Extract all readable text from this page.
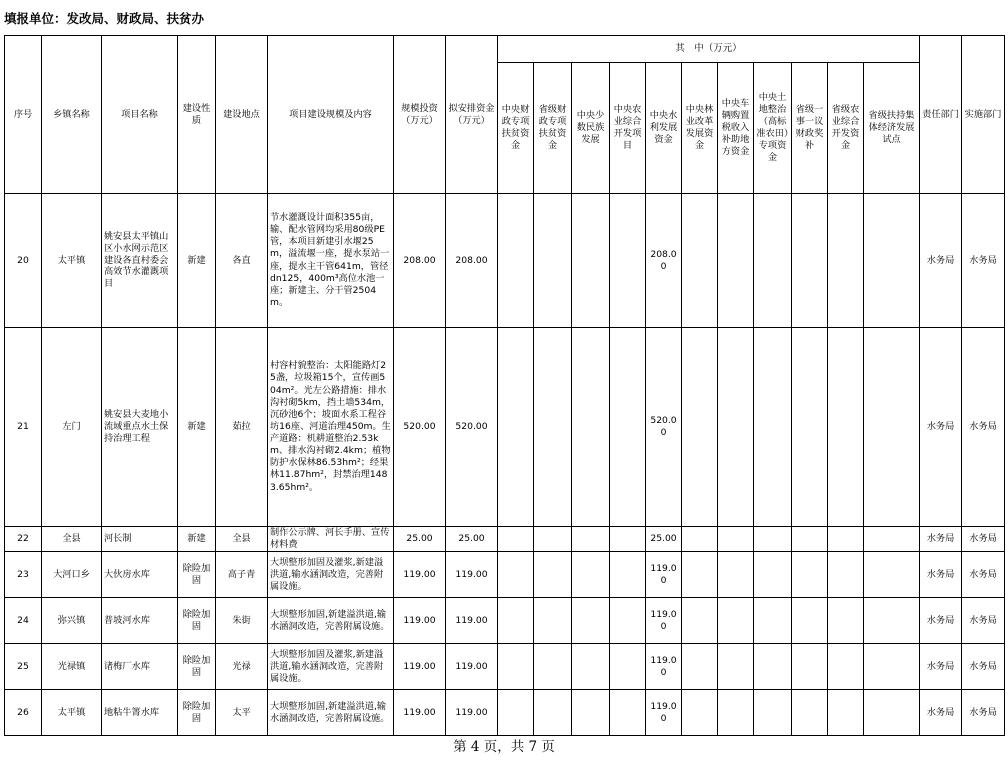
填报单位：发改局、财政局、扶贫办
序号	乡镇名称	项目名称	建设性质	建设地点	项目建设规模及内容	规模投资（万元）	拟安排资金（万元）	其　中（万元）											责任部门	实施部门
								中央财政专项扶贫资金	省级财政专项扶贫资金	中央少数民族发展	中央农业综合开发项目	中央水利发展资金	中央林业改革发展资金	中央车辆购置税收入补助地方资金	中央土地整治（高标准农田）专项资金	省级一事一议财政奖补	省级农业综合开发资金	省级扶持集体经济发展试点		
20	太平镇	姚安县太平镇山区小水网示范区建设各直村委会高效节水灌溉项目	新建	各直	节水灌溉设计面积355亩，输、配水管网均采用80级PE管，本项目新建引水堰25m，溢流堰一座，提水泵站一座，提水主干管641m，管径dn125，400m³高位水池一座；新建主、分干管2504m。	208.00	208.00					208.00							水务局	水务局
21	左门	姚安县大麦地小流域重点水土保持治理工程	新建	茹拉	村容村貌整治：太阳能路灯25盏，垃圾箱15个，宣传画504m²。光左公路措施：排水沟衬砌5km，挡土墙534m，沉砂池6个；坡面水系工程谷坊16座、河道治理450m。生产道路：机耕道整治2.53km、排水沟衬砌2.4km；植物防护水保林86.53hm²；经果林11.87hm²，封禁治理1483.65hm²。	520.00	520.00					520.00							水务局	水务局
22	全县	河长制	新建	全县	制作公示牌、河长手册、宣传材料费	25.00	25.00					25.00							水务局	水务局
23	大河口乡	大伙房水库	除险加固	高子青	大坝整形加固及灌浆,新建溢洪道,输水涵洞改造，完善附属设施。	119.00	119.00					119.00							水务局	水务局
24	弥兴镇	普坡河水库	除险加固	朱街	大坝整形加固,新建溢洪道,输水涵洞改造，完善附属设施。	119.00	119.00					119.00							水务局	水务局
25	光禄镇	诸梅厂水库	除险加固	光禄	大坝整形加固及灌浆,新建溢洪道,输水涵洞改造，完善附属设施。	119.00	119.00					119.00							水务局	水务局
26	太平镇	地粘牛箐水库	除险加固	太平	大坝整形加固,新建溢洪道,输水涵洞改造，完善附属设施。	119.00	119.00					119.00							水务局	水务局
第 4 页，共 7 页
